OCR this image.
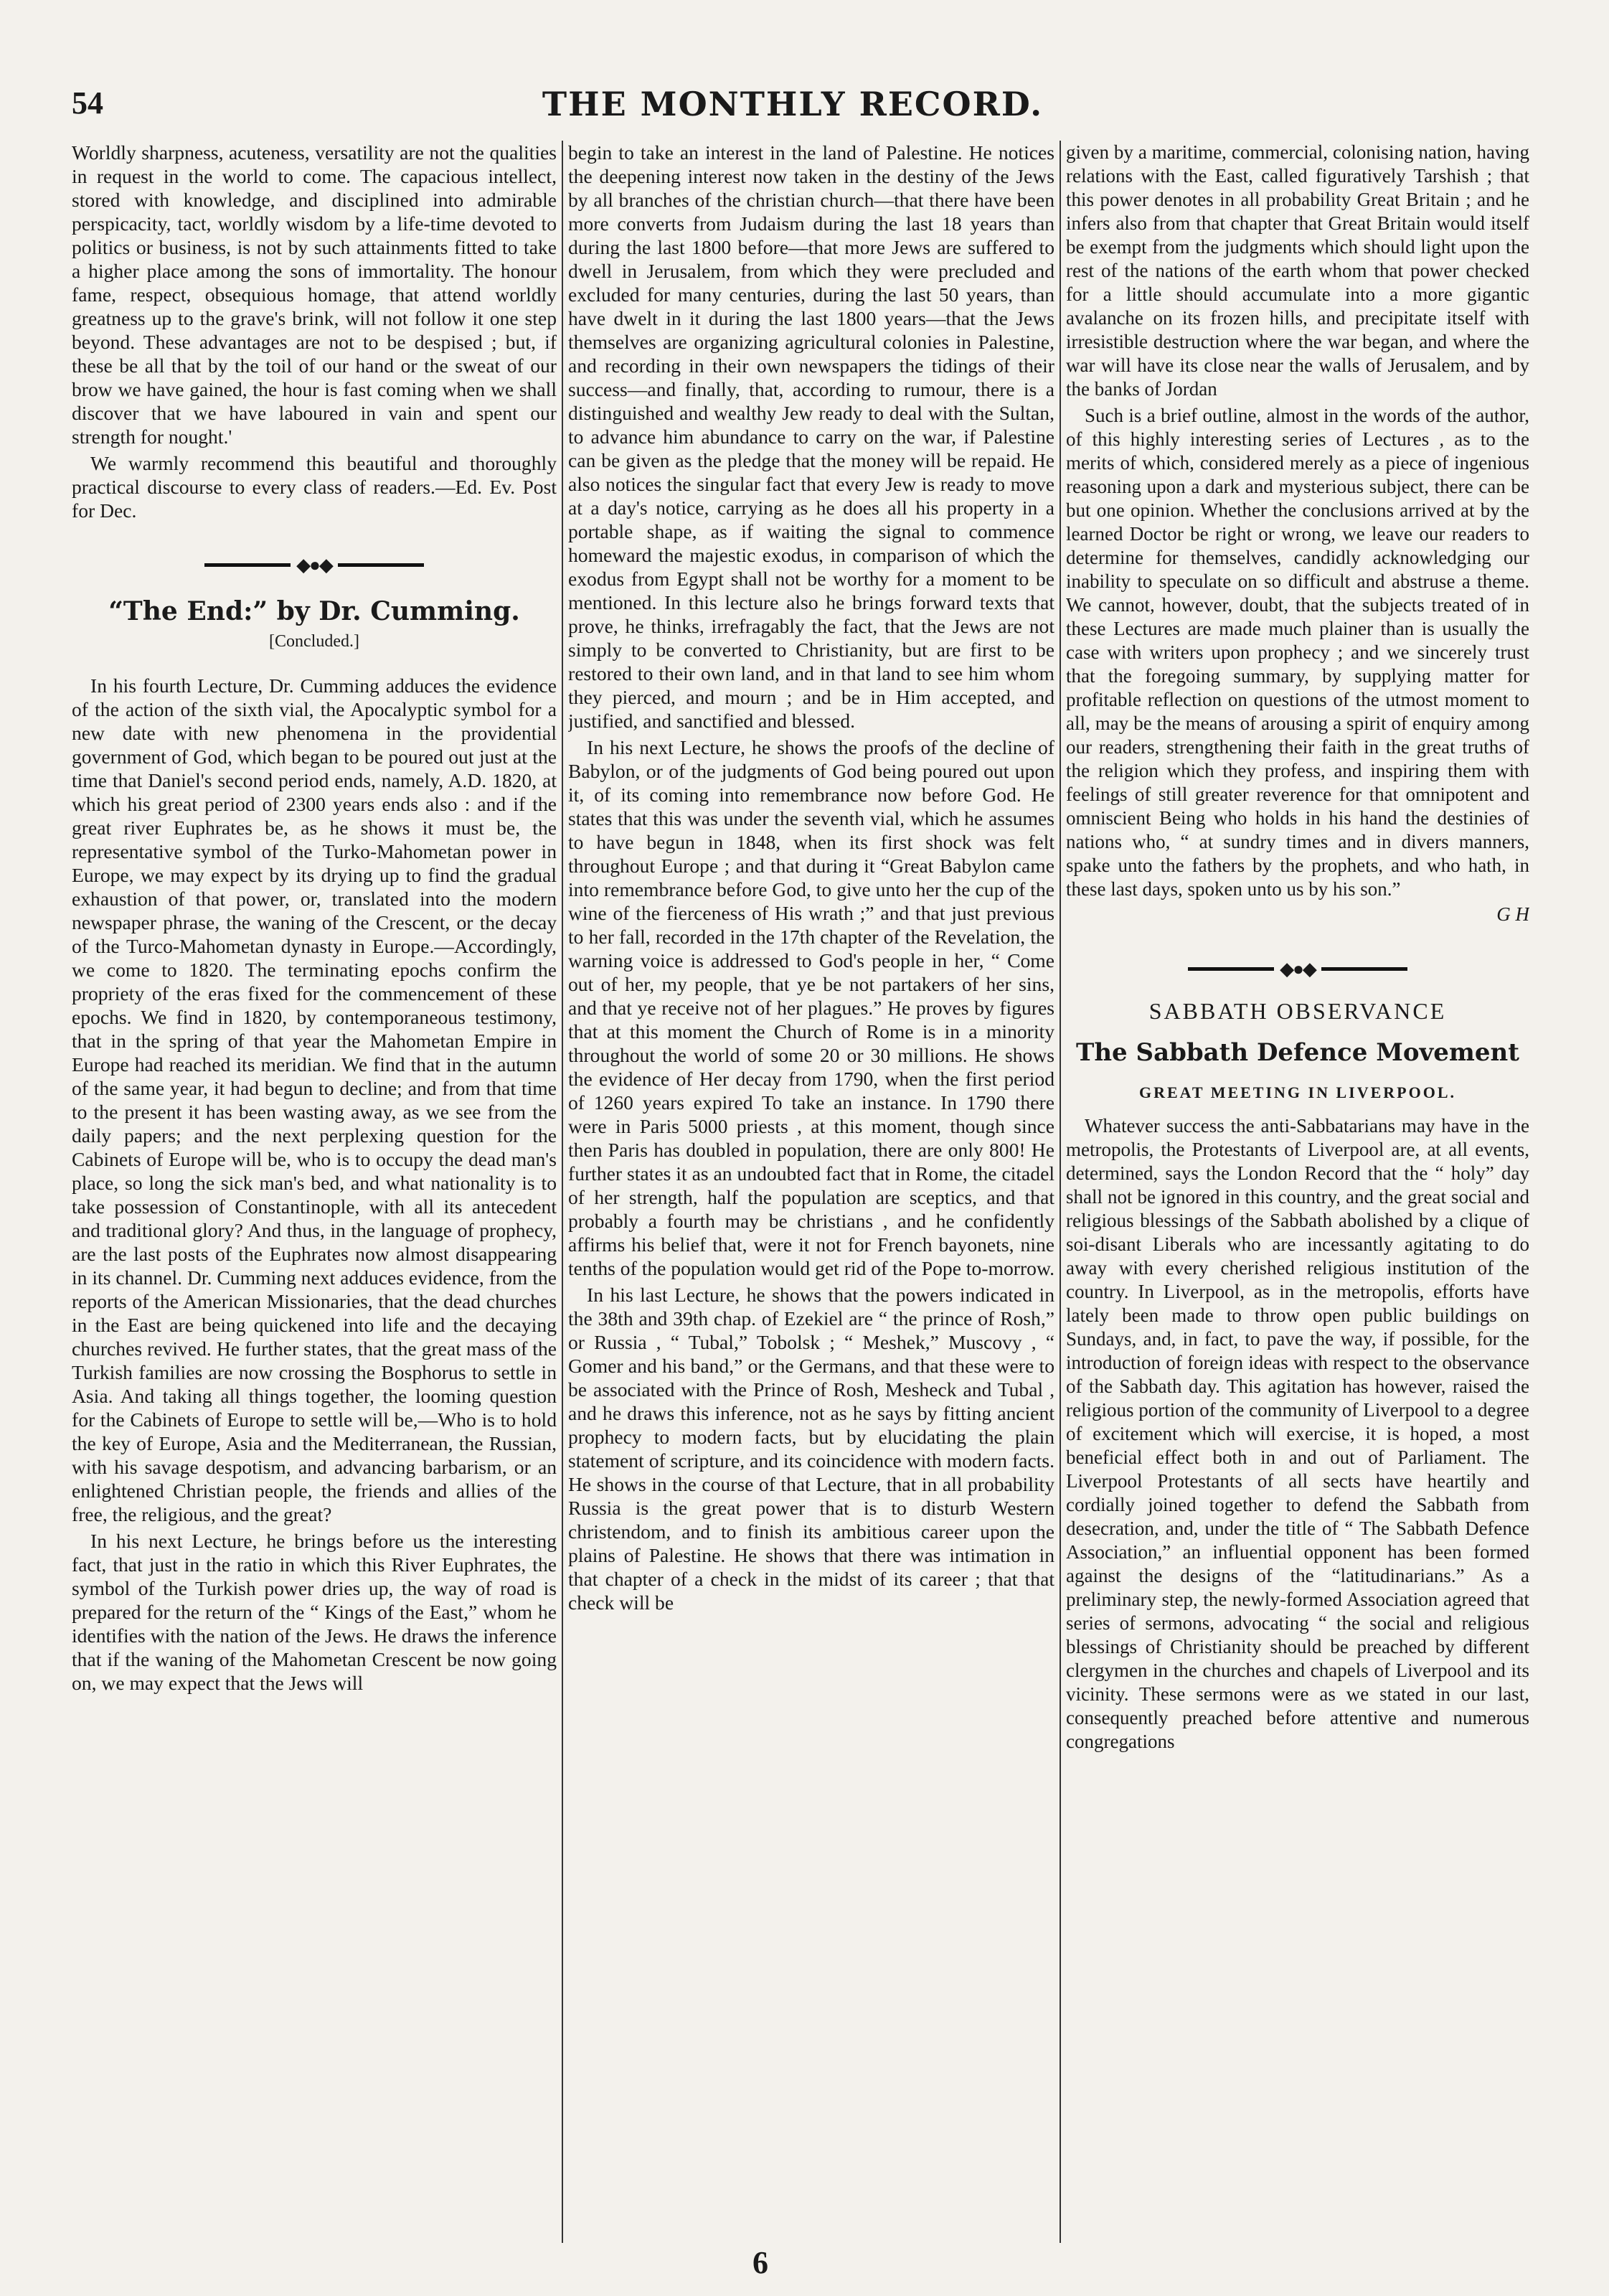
54	THE MONTHLY RECORD.

Worldly sharpness, acuteness, versatility are not the qualities in request in the world to come. The capacious intellect, stored with knowledge, and disciplined into admirable perspicacity, tact, worldly wisdom by a life-time devoted to politics or business, is not by such attainments fitted to take a higher place among the sons of immortality. The honour fame, respect, obsequious homage, that attend worldly greatness up to the grave's brink, will not follow it one step beyond. These advantages are not to be despised ; but, if these be all that by the toil of our hand or the sweat of our brow we have gained, the hour is fast coming when we shall discover that we have laboured in vain and spent our strength for nought.'

We warmly recommend this beautiful and thoroughly practical discourse to every class of readers.—Ed. Ev. Post for Dec.

◆●◆
“The End:” by Dr. Cumming.
[Concluded.]

In his fourth Lecture, Dr. Cumming adduces the evidence of the action of the sixth vial, the Apocalyptic symbol for a new date with new phenomena in the providential government of God, which began to be poured out just at the time that Daniel's second period ends, namely, A.D. 1820, at which his great period of 2300 years ends also : and if the great river Euphrates be, as he shows it must be, the representative symbol of the Turko-Mahometan power in Europe, we may expect by its drying up to find the gradual exhaustion of that power, or, translated into the modern newspaper phrase, the waning of the Crescent, or the decay of the Turco-Mahometan dynasty in Europe.—Accordingly, we come to 1820. The terminating epochs confirm the propriety of the eras fixed for the commencement of these epochs. We find in 1820, by contemporaneous testimony, that in the spring of that year the Mahometan Empire in Europe had reached its meridian. We find that in the autumn of the same year, it had begun to decline; and from that time to the present it has been wasting away, as we see from the daily papers; and the next perplexing question for the Cabinets of Europe will be, who is to occupy the dead man's place, so long the sick man's bed, and what nationality is to take possession of Constantinople, with all its antecedent and traditional glory? And thus, in the language of prophecy, are the last posts of the Euphrates now almost disappearing in its channel. Dr. Cumming next adduces evidence, from the reports of the American Missionaries, that the dead churches in the East are being quickened into life and the decaying churches revived. He further states, that the great mass of the Turkish families are now crossing the Bosphorus to settle in Asia. And taking all things together, the looming question for the Cabinets of Europe to settle will be,—Who is to hold the key of Europe, Asia and the Mediterranean, the Russian, with his savage despotism, and advancing barbarism, or an enlightened Christian people, the friends and allies of the free, the religious, and the great?

In his next Lecture, he brings before us the interesting fact, that just in the ratio in which this River Euphrates, the symbol of the Turkish power dries up, the way of road is prepared for the return of the “ Kings of the East,” whom he identifies with the nation of the Jews. He draws the inference that if the waning of the Mahometan Crescent be now going on, we may expect that the Jews will

begin to take an interest in the land of Palestine. He notices the deepening interest now taken in the destiny of the Jews by all branches of the christian church—that there have been more converts from Judaism during the last 18 years than during the last 1800 before—that more Jews are suffered to dwell in Jerusalem, from which they were precluded and excluded for many centuries, during the last 50 years, than have dwelt in it during the last 1800 years—that the Jews themselves are organizing agricultural colonies in Palestine, and recording in their own newspapers the tidings of their success—and finally, that, according to rumour, there is a distinguished and wealthy Jew ready to deal with the Sultan, to advance him abundance to carry on the war, if Palestine can be given as the pledge that the money will be repaid. He also notices the singular fact that every Jew is ready to move at a day's notice, carrying as he does all his property in a portable shape, as if waiting the signal to commence homeward the majestic exodus, in comparison of which the exodus from Egypt shall not be worthy for a moment to be mentioned. In this lecture also he brings forward texts that prove, he thinks, irrefragably the fact, that the Jews are not simply to be converted to Christianity, but are first to be restored to their own land, and in that land to see him whom they pierced, and mourn ; and be in Him accepted, and justified, and sanctified and blessed.

In his next Lecture, he shows the proofs of the decline of Babylon, or of the judgments of God being poured out upon it, of its coming into remembrance now before God. He states that this was under the seventh vial, which he assumes to have begun in 1848, when its first shock was felt throughout Europe ; and that during it “Great Babylon came into remembrance before God, to give unto her the cup of the wine of the fierceness of His wrath ;” and that just previous to her fall, recorded in the 17th chapter of the Revelation, the warning voice is addressed to God's people in her, “ Come out of her, my people, that ye be not partakers of her sins, and that ye receive not of her plagues.” He proves by figures that at this moment the Church of Rome is in a minority throughout the world of some 20 or 30 millions. He shows the evidence of Her decay from 1790, when the first period of 1260 years expired To take an instance. In 1790 there were in Paris 5000 priests , at this moment, though since then Paris has doubled in population, there are only 800! He further states it as an undoubted fact that in Rome, the citadel of her strength, half the population are sceptics, and that probably a fourth may be christians , and he confidently affirms his belief that, were it not for French bayonets, nine tenths of the population would get rid of the Pope to-morrow.

In his last Lecture, he shows that the powers indicated in the 38th and 39th chap. of Ezekiel are “ the prince of Rosh,” or Russia , “ Tubal,” Tobolsk ; “ Meshek,” Muscovy , “ Gomer and his band,” or the Germans, and that these were to be associated with the Prince of Rosh, Mesheck and Tubal , and he draws this inference, not as he says by fitting ancient prophecy to modern facts, but by elucidating the plain statement of scripture, and its coincidence with modern facts. He shows in the course of that Lecture, that in all probability Russia is the great power that is to disturb Western christendom, and to finish its ambitious career upon the plains of Palestine. He shows that there was intimation in that chapter of a check in the midst of its career ; that that check will be

given by a maritime, commercial, colonising nation, having relations with the East, called figuratively Tarshish ; that this power denotes in all probability Great Britain ; and he infers also from that chapter that Great Britain would itself be exempt from the judgments which should light upon the rest of the nations of the earth whom that power checked for a little should accumulate into a more gigantic avalanche on its frozen hills, and precipitate itself with irresistible destruction where the war began, and where the war will have its close near the walls of Jerusalem, and by the banks of Jordan

Such is a brief outline, almost in the words of the author, of this highly interesting series of Lectures , as to the merits of which, considered merely as a piece of ingenious reasoning upon a dark and mysterious subject, there can be but one opinion. Whether the conclusions arrived at by the learned Doctor be right or wrong, we leave our readers to determine for themselves, candidly acknowledging our inability to speculate on so difficult and abstruse a theme. We cannot, however, doubt, that the subjects treated of in these Lectures are made much plainer than is usually the case with writers upon prophecy ; and we sincerely trust that the foregoing summary, by supplying matter for profitable reflection on questions of the utmost moment to all, may be the means of arousing a spirit of enquiry among our readers, strengthening their faith in the great truths of the religion which they profess, and inspiring them with feelings of still greater reverence for that omnipotent and omniscient Being who holds in his hand the destinies of nations who, “ at sundry times and in divers manners, spake unto the fathers by the prophets, and who hath, in these last days, spoken unto us by his son.”

G H
◆●◆
SABBATH OBSERVANCE
The Sabbath Defence Movement
GREAT MEETING IN LIVERPOOL.

Whatever success the anti-Sabbatarians may have in the metropolis, the Protestants of Liverpool are, at all events, determined, says the London Record that the “ holy” day shall not be ignored in this country, and the great social and religious blessings of the Sabbath abolished by a clique of soi-disant Liberals who are incessantly agitating to do away with every cherished religious institution of the country. In Liverpool, as in the metropolis, efforts have lately been made to throw open public buildings on Sundays, and, in fact, to pave the way, if possible, for the introduction of foreign ideas with respect to the observance of the Sabbath day. This agitation has however, raised the religious portion of the community of Liverpool to a degree of excitement which will exercise, it is hoped, a most beneficial effect both in and out of Parliament. The Liverpool Protestants of all sects have heartily and cordially joined together to defend the Sabbath from desecration, and, under the title of “ The Sabbath Defence Association,” an influential opponent has been formed against the designs of the “latitudinarians.” As a preliminary step, the newly-formed Association agreed that series of sermons, advocating “ the social and religious blessings of Christianity should be preached by different clergymen in the churches and chapels of Liverpool and its vicinity. These sermons were as we stated in our last, consequently preached before attentive and numerous congregations

6
